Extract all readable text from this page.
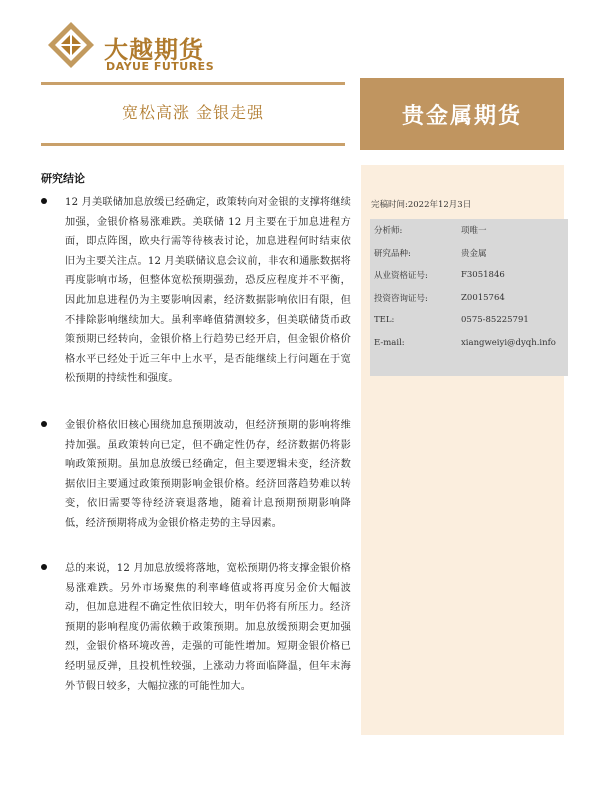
大越期货
DAYUE FUTURES
宽松高涨 金银走强	贵金属期货
完稿时间:2022年12月3日
分析师:	项唯一
研究品种:	贵金属
从业资格证号:	F3051846
投资咨询证号:	Z0015764
TEL:	0575-85225791
E-mail:	xiangweiyi@dyqh.info
研究结论

12 月美联储加息放缓已经确定，政策转向对金银的支撑将继续加强，金银价格易涨难跌。美联储 12 月主要在于加息进程方面，即点阵图，欧央行需等待核表讨论，加息进程何时结束依旧为主要关注点。12 月美联储议息会议前，非农和通胀数据将再度影响市场，但整体宽松预期强劲，恐反应程度并不平衡，因此加息进程仍为主要影响因素，经济数据影响依旧有限，但不排除影响继续加大。虽利率峰值猜测较多，但美联储货币政策预期已经转向，金银价格上行趋势已经开启，但金银价格价格水平已经处于近三年中上水平，是否能继续上行问题在于宽松预期的持续性和强度。

金银价格依旧核心围绕加息预期波动，但经济预期的影响将维持加强。虽政策转向已定，但不确定性仍存，经济数据仍将影响政策预期。虽加息放缓已经确定，但主要逻辑未变，经济数据依旧主要通过政策预期影响金银价格。经济回落趋势难以转变，依旧需要等待经济衰退落地，随着计息预期预期影响降低，经济预期将成为金银价格走势的主导因素。

总的来说，12 月加息放缓将落地，宽松预期仍将支撑金银价格易涨难跌。另外市场聚焦的利率峰值或将再度另金价大幅波动，但加息进程不确定性依旧较大，明年仍将有所压力。经济预期的影响程度仍需依赖于政策预期。加息放缓预期会更加强烈，金银价格环境改善，走强的可能性增加。短期金银价格已经明显反弹，且投机性较强，上涨动力将面临降温，但年末海外节假日较多，大幅拉涨的可能性加大。
